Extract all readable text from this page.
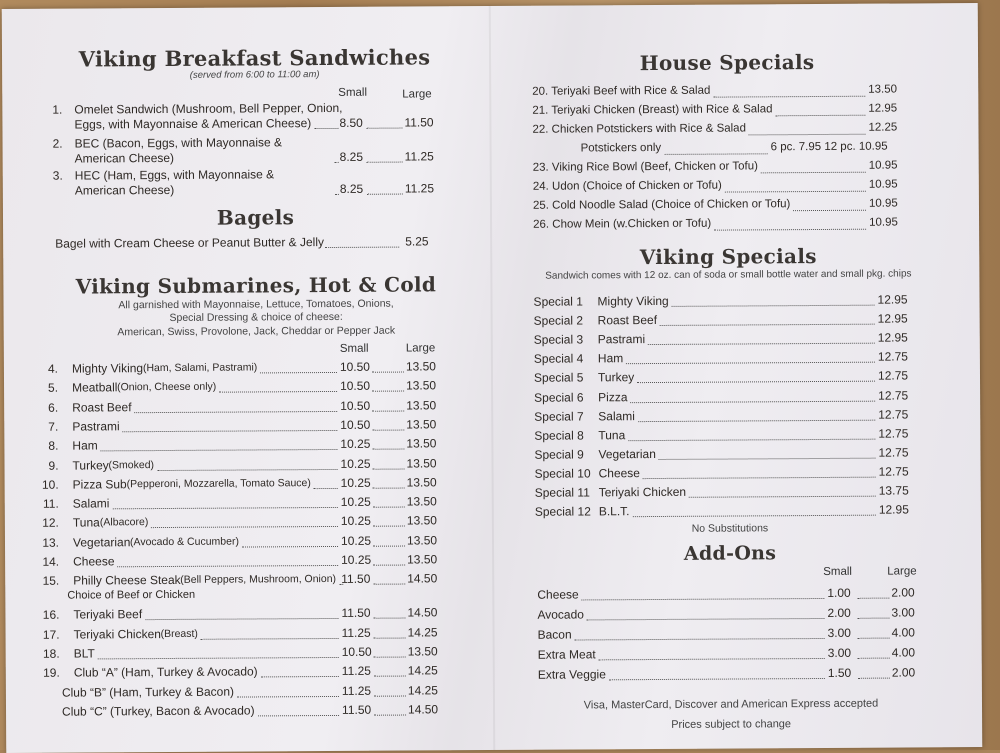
Viking Breakfast Sandwiches
(served from 6:00 to 11:00 am)
Small	Large
1. Omelet Sandwich (Mushroom, Bell Pepper, Onion,
Eggs, with Mayonnaise & American Cheese) 8.50	11.50
2. BEC (Bacon, Eggs, with Mayonnaise &
American Cheese)	8.25	11.25
3. HEC (Ham, Eggs, with Mayonnaise &
American Cheese)	8.25	11.25
Bagels
Bagel with Cream Cheese or Peanut Butter & Jelly	5.25
Viking Submarines, Hot & Cold
All garnished with Mayonnaise, Lettuce, Tomatoes, Onions,
Special Dressing & choice of cheese:
American, Swiss, Provolone, Jack, Cheddar or Pepper Jack
Small	Large
4. Mighty Viking (Ham, Salami, Pastrami)	10.50	13.50
5. Meatball (Onion, Cheese only)	10.50	13.50
6. Roast Beef	10.50	13.50
7. Pastrami	10.50	13.50
8. Ham	10.25	13.50
9. Turkey (Smoked)	10.25	13.50
10. Pizza Sub (Pepperoni, Mozzarella, Tomato Sauce) 10.25	13.50
11. Salami	10.25	13.50
12. Tuna (Albacore)	10.25	13.50
13. Vegetarian (Avocado & Cucumber)	10.25	13.50
14. Cheese	10.25	13.50
15. Philly Cheese Steak (Bell Peppers, Mushroom, Onion) 11.50	14.50
Choice of Beef or Chicken
16. Teriyaki Beef	11.50	14.50
17. Teriyaki Chicken (Breast)	11.25	14.25
18. BLT	10.50	13.50
19. Club “A” (Ham, Turkey & Avocado)	11.25	14.25
Club “B” (Ham, Turkey & Bacon)	11.25	14.25
Club “C” (Turkey, Bacon & Avocado)	11.50	14.50
House Specials
20. Teriyaki Beef with Rice & Salad	13.50
21. Teriyaki Chicken (Breast) with Rice & Salad	12.95
22. Chicken Potstickers with Rice & Salad	12.25
Potstickers only	6 pc. 7.95 12 pc. 10.95
23. Viking Rice Bowl (Beef, Chicken or Tofu)	10.95
24. Udon (Choice of Chicken or Tofu)	10.95
25. Cold Noodle Salad (Choice of Chicken or Tofu)	10.95
26. Chow Mein (w.Chicken or Tofu)	10.95
Viking Specials
Sandwich comes with 12 oz. can of soda or small bottle water and small pkg. chips
Special 1 Mighty Viking	12.95
Special 2 Roast Beef	12.95
Special 3 Pastrami	12.95
Special 4 Ham	12.75
Special 5 Turkey	12.75
Special 6 Pizza	12.75
Special 7 Salami	12.75
Special 8 Tuna	12.75
Special 9 Vegetarian	12.75
Special 10 Cheese	12.75
Special 11 Teriyaki Chicken	13.75
Special 12 B.L.T.	12.95
No Substitutions
Add-Ons
Small	Large
Cheese	1.00	2.00
Avocado	2.00	3.00
Bacon	3.00	4.00
Extra Meat	3.00	4.00
Extra Veggie	1.50	2.00
Visa, MasterCard, Discover and American Express accepted
Prices subject to change
